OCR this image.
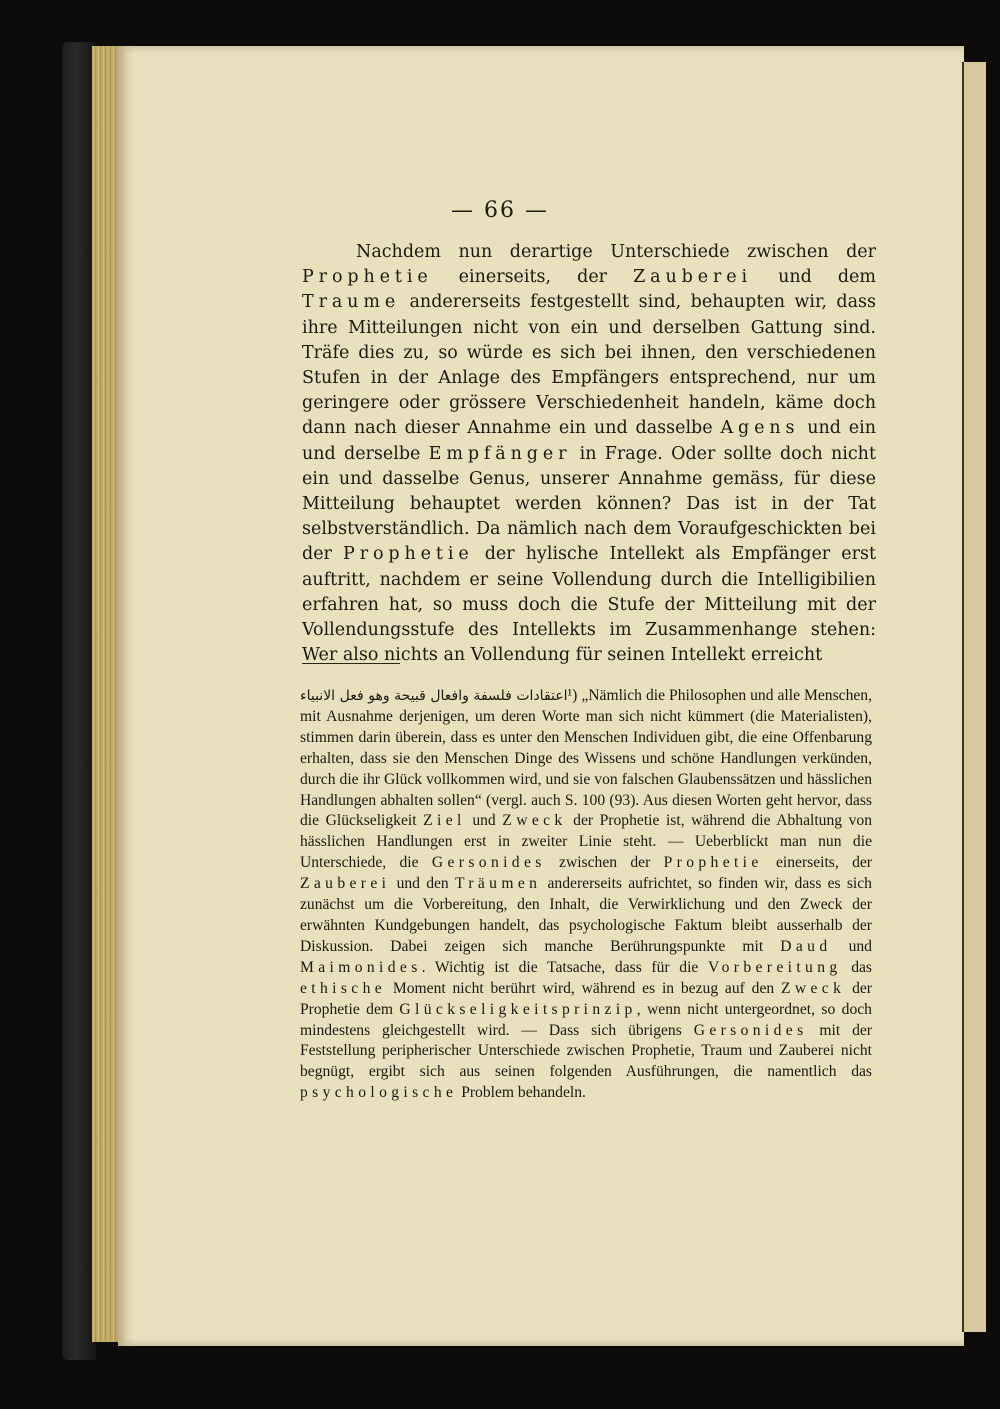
— 66 —

Nachdem nun derartige Unterschiede zwischen der Prophetie einerseits, der Zauberei und dem Traume andererseits festgestellt sind, behaupten wir, dass ihre Mitteilungen nicht von ein und derselben Gattung sind. Träfe dies zu, so würde es sich bei ihnen, den verschiedenen Stufen in der Anlage des Empfängers entsprechend, nur um geringere oder grössere Verschiedenheit handeln, käme doch dann nach dieser Annahme ein und dasselbe Agens und ein und derselbe Empfänger in Frage. Oder sollte doch nicht ein und dasselbe Genus, unserer Annahme gemäss, für diese Mitteilung behauptet werden können? Das ist in der Tat selbstverständlich. Da nämlich nach dem Voraufgeschickten bei der Prophetie der hylische Intellekt als Empfänger erst auftritt, nachdem er seine Vollendung durch die Intelligibilien erfahren hat, so muss doch die Stufe der Mitteilung mit der Vollendungsstufe des Intellekts im Zusammenhange stehen: Wer also nichts an Vollendung für seinen Intellekt erreicht

اعتقادات فلسفة وافعال قبيحة وهو فعل الانبياء¹) „Nämlich die Philosophen und alle Menschen, mit Ausnahme derjenigen, um deren Worte man sich nicht kümmert (die Materialisten), stimmen darin überein, dass es unter den Menschen Individuen gibt, die eine Offenbarung erhalten, dass sie den Menschen Dinge des Wissens und schöne Handlungen verkünden, durch die ihr Glück vollkommen wird, und sie von falschen Glaubenssätzen und hässlichen Handlungen abhalten sollen“ (vergl. auch S. 100 (93). Aus diesen Worten geht hervor, dass die Glückseligkeit Ziel und Zweck der Prophetie ist, während die Abhaltung von hässlichen Handlungen erst in zweiter Linie steht. — Ueberblickt man nun die Unterschiede, die Gersonides zwischen der Prophetie einerseits, der Zauberei und den Träumen andererseits aufrichtet, so finden wir, dass es sich zunächst um die Vorbereitung, den Inhalt, die Verwirklichung und den Zweck der erwähnten Kundgebungen handelt, das psychologische Faktum bleibt ausserhalb der Diskussion. Dabei zeigen sich manche Berührungspunkte mit Daud und Maimonides. Wichtig ist die Tatsache, dass für die Vorbereitung das ethische Moment nicht berührt wird, während es in bezug auf den Zweck der Prophetie dem Glückseligkeitsprinzip, wenn nicht untergeordnet, so doch mindestens gleichgestellt wird. — Dass sich übrigens Gersonides mit der Feststellung peripherischer Unterschiede zwischen Prophetie, Traum und Zauberei nicht begnügt, ergibt sich aus seinen folgenden Ausführungen, die namentlich das psychologische Problem behandeln.
